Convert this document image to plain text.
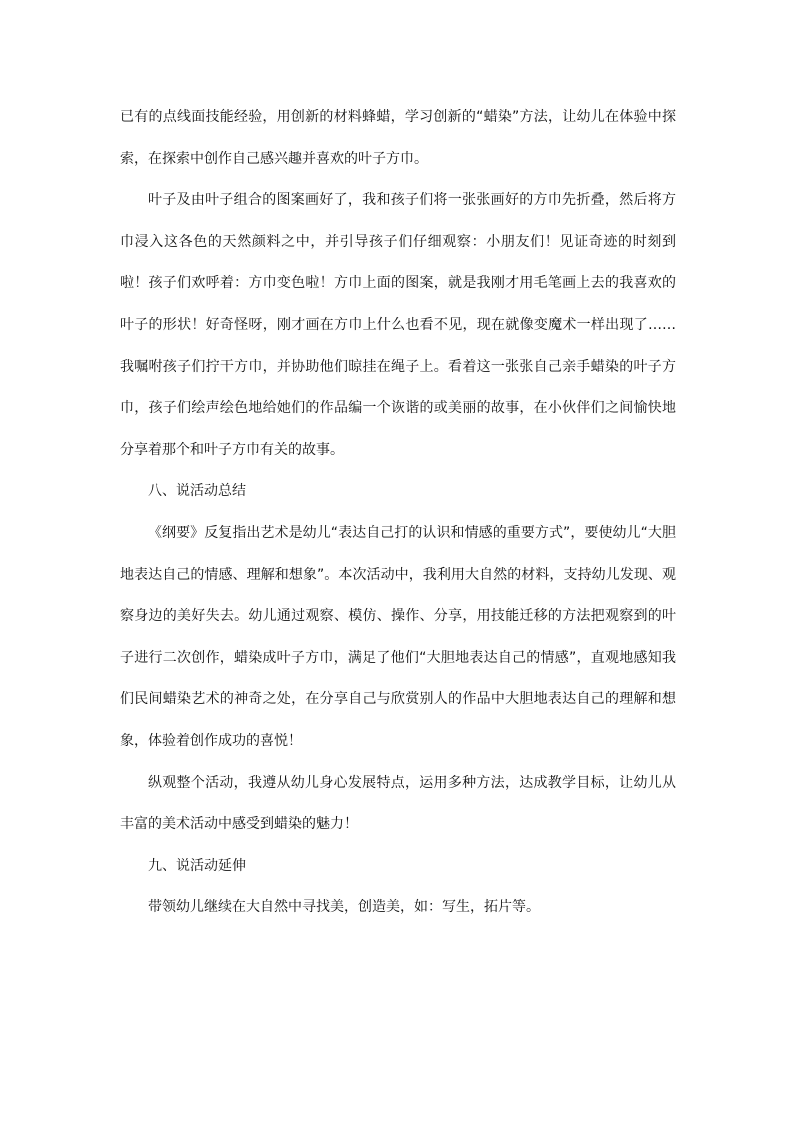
已有的点线面技能经验，用创新的材料蜂蜡，学习创新的“蜡染”方法，让幼儿在体验中探索，在探索中创作自己感兴趣并喜欢的叶子方巾。

叶子及由叶子组合的图案画好了，我和孩子们将一张张画好的方巾先折叠，然后将方巾浸入这各色的天然颜料之中，并引导孩子们仔细观察：小朋友们！见证奇迹的时刻到啦！孩子们欢呼着：方巾变色啦！方巾上面的图案，就是我刚才用毛笔画上去的我喜欢的叶子的形状！好奇怪呀，刚才画在方巾上什么也看不见，现在就像变魔术一样出现了……我嘱咐孩子们拧干方巾，并协助他们晾挂在绳子上。看着这一张张自己亲手蜡染的叶子方巾，孩子们绘声绘色地给她们的作品编一个诙谐的或美丽的故事，在小伙伴们之间愉快地分享着那个和叶子方巾有关的故事。

八、说活动总结

《纲要》反复指出艺术是幼儿“表达自己打的认识和情感的重要方式”，要使幼儿“大胆地表达自己的情感、理解和想象”。本次活动中，我利用大自然的材料，支持幼儿发现、观察身边的美好失去。幼儿通过观察、模仿、操作、分享，用技能迁移的方法把观察到的叶子进行二次创作，蜡染成叶子方巾，满足了他们“大胆地表达自己的情感”，直观地感知我们民间蜡染艺术的神奇之处，在分享自己与欣赏别人的作品中大胆地表达自己的理解和想象，体验着创作成功的喜悦！

纵观整个活动，我遵从幼儿身心发展特点，运用多种方法，达成教学目标，让幼儿从丰富的美术活动中感受到蜡染的魅力！

九、说活动延伸

带领幼儿继续在大自然中寻找美，创造美，如：写生，拓片等。
